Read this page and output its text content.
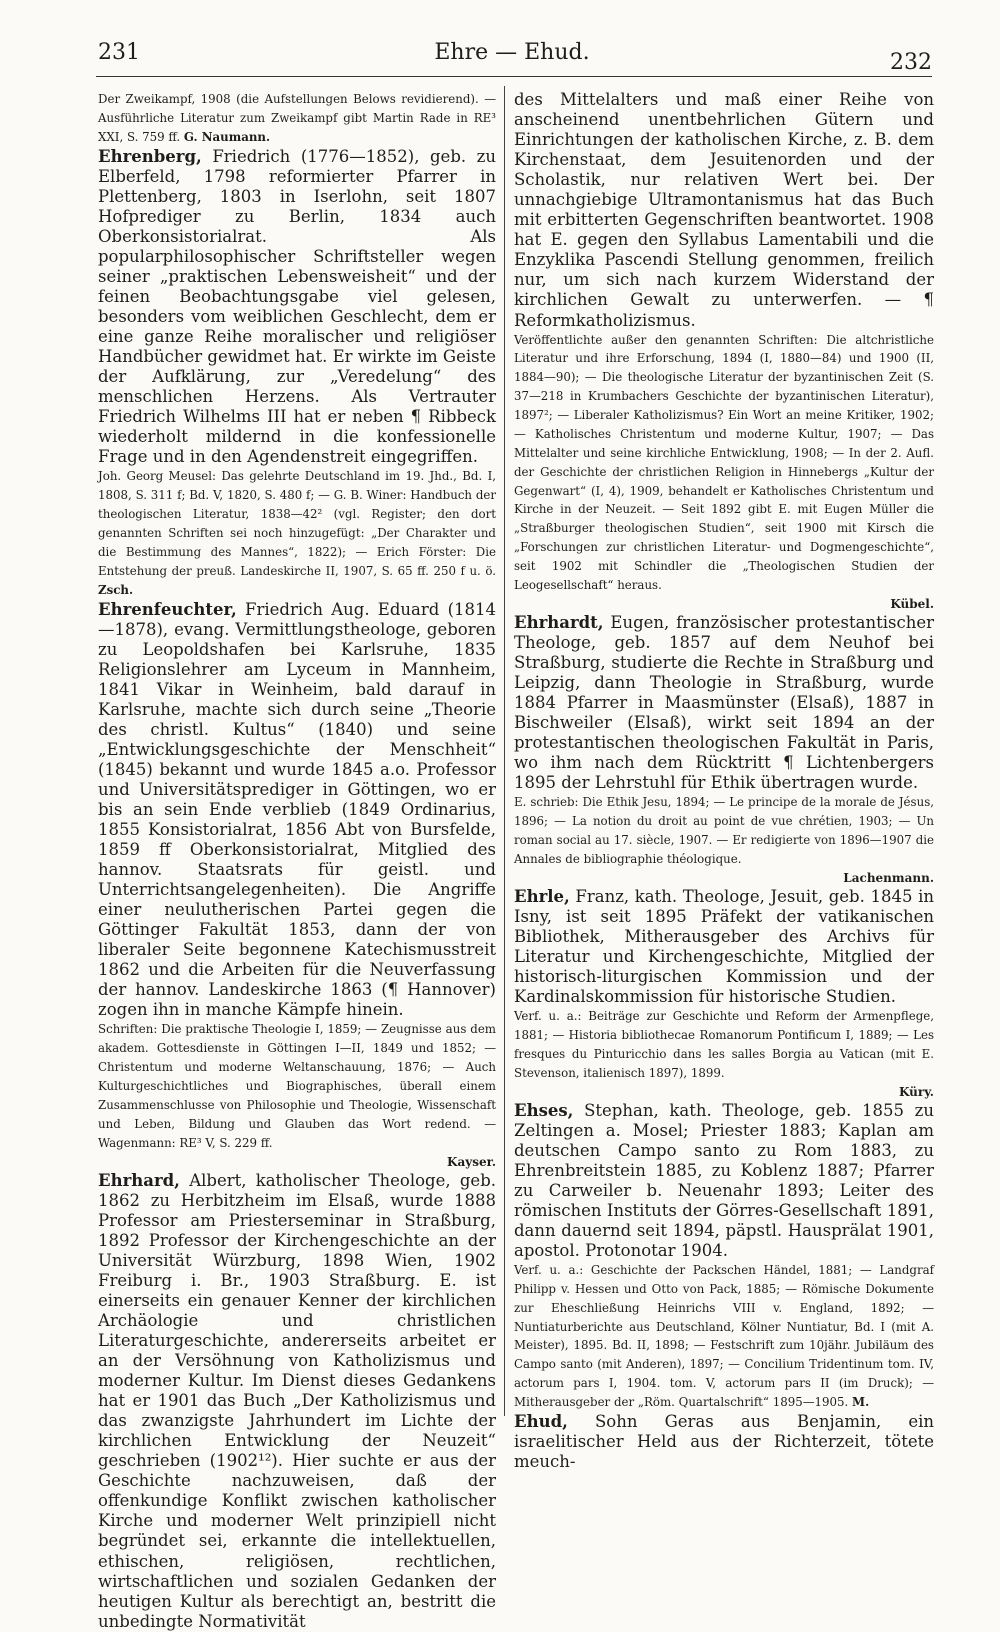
231	Ehre — Ehud.	232

Der Zweikampf, 1908 (die Aufstellungen Belows revidierend). — Ausführliche Literatur zum Zweikampf gibt Martin Rade in RE³ XXI, S. 759 ff. G. Naumann.

Ehrenberg, Friedrich (1776—1852), geb. zu Elberfeld, 1798 reformierter Pfarrer in Plettenberg, 1803 in Iserlohn, seit 1807 Hofprediger zu Berlin, 1834 auch Oberkonsistorialrat. Als popularphilosophischer Schriftsteller wegen seiner „praktischen Lebensweisheit“ und der feinen Beobachtungsgabe viel gelesen, besonders vom weiblichen Geschlecht, dem er eine ganze Reihe moralischer und religiöser Handbücher gewidmet hat. Er wirkte im Geiste der Aufklärung, zur „Veredelung“ des menschlichen Herzens. Als Vertrauter Friedrich Wilhelms III hat er neben ¶ Ribbeck wiederholt mildernd in die konfessionelle Frage und in den Agendenstreit eingegriffen.

Joh. Georg Meusel: Das gelehrte Deutschland im 19. Jhd., Bd. I, 1808, S. 311 f; Bd. V, 1820, S. 480 f; — G. B. Winer: Handbuch der theologischen Literatur, 1838—42² (vgl. Register; den dort genannten Schriften sei noch hinzugefügt: „Der Charakter und die Bestimmung des Mannes“, 1822); — Erich Förster: Die Entstehung der preuß. Landeskirche II, 1907, S. 65 ff. 250 f u. ö. Zsch.

Ehrenfeuchter, Friedrich Aug. Eduard (1814—1878), evang. Vermittlungstheologe, geboren zu Leopoldshafen bei Karlsruhe, 1835 Religionslehrer am Lyceum in Mannheim, 1841 Vikar in Weinheim, bald darauf in Karlsruhe, machte sich durch seine „Theorie des christl. Kultus“ (1840) und seine „Entwicklungsgeschichte der Menschheit“ (1845) bekannt und wurde 1845 a.o. Professor und Universitätsprediger in Göttingen, wo er bis an sein Ende verblieb (1849 Ordinarius, 1855 Konsistorialrat, 1856 Abt von Bursfelde, 1859 ff Oberkonsistorialrat, Mitglied des hannov. Staatsrats für geistl. und Unterrichtsangelegenheiten). Die Angriffe einer neulutherischen Partei gegen die Göttinger Fakultät 1853, dann der von liberaler Seite begonnene Katechismusstreit 1862 und die Arbeiten für die Neuverfassung der hannov. Landeskirche 1863 (¶ Hannover) zogen ihn in manche Kämpfe hinein.

Schriften: Die praktische Theologie I, 1859; — Zeugnisse aus dem akadem. Gottesdienste in Göttingen I—II, 1849 und 1852; — Christentum und moderne Weltanschauung, 1876; — Auch Kulturgeschichtliches und Biographisches, überall einem Zusammenschlusse von Philosophie und Theologie, Wissenschaft und Leben, Bildung und Glauben das Wort redend. — Wagenmann: RE³ V, S. 229 ff.

Kayser.

Ehrhard, Albert, katholischer Theologe, geb. 1862 zu Herbitzheim im Elsaß, wurde 1888 Professor am Priesterseminar in Straßburg, 1892 Professor der Kirchengeschichte an der Universität Würzburg, 1898 Wien, 1902 Freiburg i. Br., 1903 Straßburg. E. ist einerseits ein genauer Kenner der kirchlichen Archäologie und christlichen Literaturgeschichte, andererseits arbeitet er an der Versöhnung von Katholizismus und moderner Kultur. Im Dienst dieses Gedankens hat er 1901 das Buch „Der Katholizismus und das zwanzigste Jahrhundert im Lichte der kirchlichen Entwicklung der Neuzeit“ geschrieben (1902¹²). Hier suchte er aus der Geschichte nachzuweisen, daß der offenkundige Konflikt zwischen katholischer Kirche und moderner Welt prinzipiell nicht begründet sei, erkannte die intellektuellen, ethischen, religiösen, rechtlichen, wirtschaftlichen und sozialen Gedanken der heutigen Kultur als berechtigt an, bestritt die unbedingte Normativität

des Mittelalters und maß einer Reihe von anscheinend unentbehrlichen Gütern und Einrichtungen der katholischen Kirche, z. B. dem Kirchenstaat, dem Jesuitenorden und der Scholastik, nur relativen Wert bei. Der unnachgiebige Ultramontanismus hat das Buch mit erbitterten Gegenschriften beantwortet. 1908 hat E. gegen den Syllabus Lamentabili und die Enzyklika Pascendi Stellung genommen, freilich nur, um sich nach kurzem Widerstand der kirchlichen Gewalt zu unterwerfen. — ¶ Reformkatholizismus.

Veröffentlichte außer den genannten Schriften: Die altchristliche Literatur und ihre Erforschung, 1894 (I, 1880—84) und 1900 (II, 1884—90); — Die theologische Literatur der byzantinischen Zeit (S. 37—218 in Krumbachers Geschichte der byzantinischen Literatur), 1897²; — Liberaler Katholizismus? Ein Wort an meine Kritiker, 1902; — Katholisches Christentum und moderne Kultur, 1907; — Das Mittelalter und seine kirchliche Entwicklung, 1908; — In der 2. Aufl. der Geschichte der christlichen Religion in Hinnebergs „Kultur der Gegenwart“ (I, 4), 1909, behandelt er Katholisches Christentum und Kirche in der Neuzeit. — Seit 1892 gibt E. mit Eugen Müller die „Straßburger theologischen Studien“, seit 1900 mit Kirsch die „Forschungen zur christlichen Literatur- und Dogmengeschichte“, seit 1902 mit Schindler die „Theologischen Studien der Leogesellschaft“ heraus.

Kübel.

Ehrhardt, Eugen, französischer protestantischer Theologe, geb. 1857 auf dem Neuhof bei Straßburg, studierte die Rechte in Straßburg und Leipzig, dann Theologie in Straßburg, wurde 1884 Pfarrer in Maasmünster (Elsaß), 1887 in Bischweiler (Elsaß), wirkt seit 1894 an der protestantischen theologischen Fakultät in Paris, wo ihm nach dem Rücktritt ¶ Lichtenbergers 1895 der Lehrstuhl für Ethik übertragen wurde.

E. schrieb: Die Ethik Jesu, 1894; — Le principe de la morale de Jésus, 1896; — La notion du droit au point de vue chrétien, 1903; — Un roman social au 17. siècle, 1907. — Er redigierte von 1896—1907 die Annales de bibliographie théologique.

Lachenmann.

Ehrle, Franz, kath. Theologe, Jesuit, geb. 1845 in Isny, ist seit 1895 Präfekt der vatikanischen Bibliothek, Mitherausgeber des Archivs für Literatur und Kirchengeschichte, Mitglied der historisch-liturgischen Kommission und der Kardinalskommission für historische Studien.

Verf. u. a.: Beiträge zur Geschichte und Reform der Armenpflege, 1881; — Historia bibliothecae Romanorum Pontificum I, 1889; — Les fresques du Pinturicchio dans les salles Borgia au Vatican (mit E. Stevenson, italienisch 1897), 1899.

Küry.

Ehses, Stephan, kath. Theologe, geb. 1855 zu Zeltingen a. Mosel; Priester 1883; Kaplan am deutschen Campo santo zu Rom 1883, zu Ehrenbreitstein 1885, zu Koblenz 1887; Pfarrer zu Carweiler b. Neuenahr 1893; Leiter des römischen Instituts der Görres-Gesellschaft 1891, dann dauernd seit 1894, päpstl. Hausprälat 1901, apostol. Protonotar 1904.

Verf. u. a.: Geschichte der Packschen Händel, 1881; — Landgraf Philipp v. Hessen und Otto von Pack, 1885; — Römische Dokumente zur Eheschließung Heinrichs VIII v. England, 1892; — Nuntiaturberichte aus Deutschland, Kölner Nuntiatur, Bd. I (mit A. Meister), 1895. Bd. II, 1898; — Festschrift zum 10jähr. Jubiläum des Campo santo (mit Anderen), 1897; — Concilium Tridentinum tom. IV, actorum pars I, 1904. tom. V, actorum pars II (im Druck); — Mitherausgeber der „Röm. Quartalschrift“ 1895—1905. M.

Ehud, Sohn Geras aus Benjamin, ein israelitischer Held aus der Richterzeit, tötete meuch-
